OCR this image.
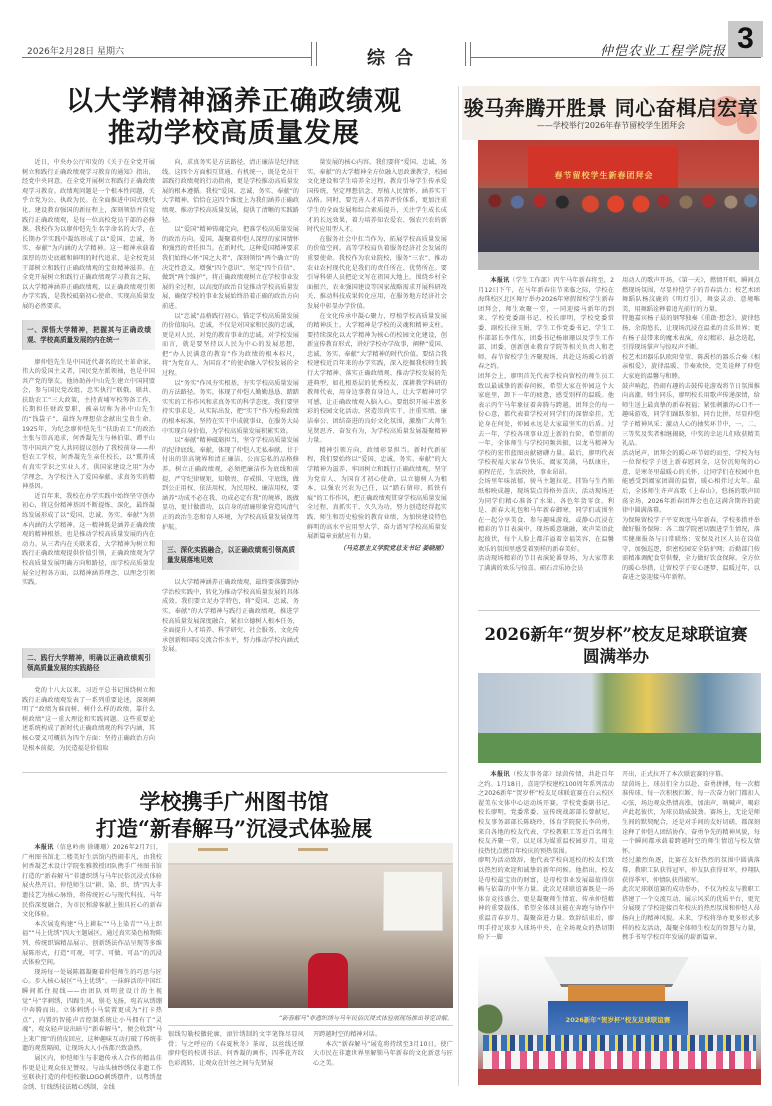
2026年2月28日 星期六	综合	仲恺农业工程学院报 3
以大学精神涵养正确政绩观
推动学校高质量发展

近日，中央办公厅印发的《关于在全党开展树立和践行正确政绩观学习教育的通知》指出，经党中央同意，在全党开展树立和践行正确政绩观学习教育。政绩观问题是一个根本性问题，关乎立党为公、执政为民。在全面推进中国式现代化、建设教育强国的新征程上，深刻领悟并自觉践行正确政绩观，是每一位高校党员干部的必修课。我校作为以廖仲恺先生名字命名的大学，在长期办学实践中凝练形成了以“爱国、忠诚、务实、奉献”为内涵的大学精神。这一精神承载着深厚的历史底蕴和鲜明的时代追求，是全校党员干部树立和践行正确政绩观的宝贵精神滋养。在全党开展树立和践行正确政绩观学习教育之际，以大学精神涵养正确政绩观，以正确政绩观引领办学实践，是我校砥砺初心使命、实现高质量发展的必然要求。

一、深悟大学精神，把握其与正确政绩观、学校高质量发展的内在统一

廖仲恺先生是中国近代著名的民主革命家，伟大的爱国主义者，国民党左派领袖，也是中国共产党的挚友。他协助孙中山先生建立中国同盟会，参与国民党改组，忠实执行“联俄、联共、扶助农工”三大政策，主持黄埔军校筹备工作，长期担任财政要职，被亲切称为孙中山先生的“钱袋子”，最终为理想信念献出宝贵生命。1925年，为纪念廖仲恺先生“扶助农工”的政治主张与崇高追求，何香凝先生与林伯渠、谭平山等中国共产党人共同提议创办了我校前身——仲恺农工学校，何香凝先生亲任校长，以“冀养成有真实学识之实业人才，供国家建设之用”为办学理念，为学校注入了爱国奉献、求真务实的精神基因。

近百年来，我校在办学实践中始终坚守创办初心，将这份精神基因不断提炼、深化，最终凝练发展形成了以“爱国、忠诚、务实、奉献”为基本内涵的大学精神。这一精神既是涵养正确政绩观的精神根基，也是推动学校高质量发展的内在动力。从三者内在关联来看，大学精神为树立和践行正确政绩观提供价值引领，正确政绩观为学校高质量发展明确方向和路径，而学校高质量发展全过程各方面，以精神涵养理念，以理念引领实践。

二、践行大学精神，明确以正确政绩观引领高质量发展的实践路径

党的十八大以来，习近平总书记围绕树立和践行正确政绩观发表了一系列重要论述，深刻阐明了“政绩为谁而树、树什么样的政绩、靠什么树政绩”这一重大理论和实践问题。这些重要论述系统构成了新时代正确政绩观的科学内涵，其核心要义可概括为四个方面：坚持正确政治方向是根本前提，为民造福是价值取

向，求真务实是方法路径，清正廉洁是纪律底线。这四个方面相互贯通、有机统一，既是党员干部践行政绩观的行动指南，更是学校推动高质量发展的根本遵循。我校“爱国、忠诚、务实、奉献”的大学精神，恰恰在这四个维度上为我们涵养正确政绩观、推动学校高质量发展，提供了清晰的实践路径。

以“爱国”精神铸魂定向，把准学校高质量发展的政治方向。爱国，凝聚着仲恺人深厚的家国情怀和强烈的责任担当。在新时代，这种爱国精神要求我们始终心怀“国之大者”，深刻领悟“两个确立”的决定性意义，增强“四个意识”、坚定“四个自信”、做到“两个维护”，将正确政绩观树立在学校事业发展的全过程，以高度的政治自觉推动学校高质量发展，确保学校的事业发展始终沿着正确的政治方向前进。

以“忠诚”品格践行初心，锚定学校高质量发展的价值取向。忠诚，不仅是对国家和民族的忠诚，更是对人民、对党的教育事业的忠诚。对学校发展而言，就是要坚持以人民为中心的发展思想，把“办人民满意的教育”作为政绩的根本标尺，将“为党育人、为国育才”的使命融入学校发展的全过程。

以“务实”作风夯实根基，夯实学校高质量发展的方法路径。务实，体现了仲恺人勤勤恳恳、踏踏实实的工作作风和求真务实的科学态度。我们要坚持实事求是、从实际出发，把“实干”作为检验政绩的根本标准，坚持在实干中成就事业，在服务大局中实现自身价值，为学校高质量发展积累实效。

以“奉献”精神砥砺担当，坚守学校高质量发展的纪律底线。奉献，体现了仲恺人无私奉献、甘于付出的崇高境界和清正廉洁、公而忘私的品格修养。树立正确政绩观，必须把廉洁作为底线和前提，严守纪律规矩，知敬畏、存戒惧、守底线，做到公正用权、依法用权、为民用权、廉洁用权，要涵养“功成不必在我、功成必定有我”的境界，既做显功，更甘做潜功，以自身的清廉形象营造风清气正的政治生态和育人环境，为学校高质量发展保驾护航。

三、深化实践融合，以正确政绩观引领高质量发展落地见效

以大学精神涵养正确政绩观，最终要落脚到办学治校实践中，转化为推动学校高质量发展的具体成效。我们要立足办学特色，将“爱国、忠诚、务实、奉献”的大学精神与践行正确政绩观、推进学校高质量发展深度融合，紧扣立德树人根本任务，全面提升人才培养、科学研究、社会服务、文化传承创新和国际交流合作水平，努力推动学校内涵式发展。

量发展的核心内容。我们要将“爱国、忠诚、务实、奉献”的大学精神全方位融入思政课教学、校园文化建设和学生培养全过程，教育引导学生传承爱国传统、坚定理想信念、厚植人民情怀、涵养实干品格。同时，要完善人才培养评价体系，更加注重学生的全面发展和综合素质提升，关注学生成长成才的长远效果，着力培养知农爱农、强农兴农的新时代应用型人才。

在服务社会中扛当作为，拓展学校高质量发展的价值空间。高等学校肩负着服务经济社会发展的重要使命。我校作为农业院校，服务“三农”、推动农业农村现代化是我们的责任所在、优势所在。要引导科研人员把论文写在祖国大地上，围绕乡村全面振兴、农业强国建设等国家战略需求开展科研攻关，推动科技成果转化应用，在服务地方经济社会发展中彰显办学价值。

在文化传承中凝心聚力，厚植学校高质量发展的精神沃土。大学精神是学校的灵魂和精神支柱。要持续深化以大学精神为核心的校园文化建设，创新宣传教育形式，讲好学校办学故事，阐释“爱国、忠诚、务实、奉献”大学精神的时代价值。要结合我校建校近百年来的办学实践，深入挖掘我校师生践行大学精神、落实正确政绩观、推动学校发展的先进典型，如扎根基层的优秀校友、深耕教学科研的教师代表，用身边事教育身边人，让大学精神可学可感，让正确政绩观入脑入心。要组织开展丰富多彩的校园文化活动，营造崇尚实干、注重实绩、廉洁奉公、团结奋进的良好文化氛围，激励广大师生见贤思齐、奋发有为，为学校高质量发展凝聚精神力量。

精神引领方向，政绩彰显担当。新时代新征程，我们要始终以“爱国、忠诚、务实、奉献”的大学精神为滋养，牢固树立和践行正确政绩观，坚守为党育人、为国育才初心使命，以立德树人为根本，以强农兴农为己任，以“踏石留印、抓铁有痕”的工作作风，把正确政绩观贯穿学校高质量发展全过程，真抓实干、久久为功，努力创造经得起实践、师生和历史检验的教育业绩，为加快建设特色鲜明的高水平应用型大学、奋力谱写学校高质量发展新篇章贡献应有力量。

（马克思主义学院党总支书记 姜晓丽）
学校携手广州图书馆
打造“新春解马”沉浸式体验展

本报讯（信息岭南 徐珊珊）2026年2月7日，广州图书馆北二楼美好生活馆内热闹非凡，由我校何香凝艺术设计学院张雅教授团队携手广州图书馆打造的“新春解马”非遗织绣与马年民俗沉浸式体验展火热开启。仲恺师生以“耕、染、织、绣”四大非遗技艺为核心脉络，将传统匠心与现代科技、马年民俗深度融合，为市民和游客献上独具匠心的新春文化体验。

本次展览构建“马上耕耘”“马上染青”“马上织福”“马上优绣”四大主题展区，通过真实染色植物陈列、传统织锦精品展示、创新绣法作品呈现等多维展陈形式，打造“可观、可学、可做、可品”的沉浸式体验空间。

现场每一处展陈都凝聚着仲恺师生的巧思与匠心。步入核心展区“马上优绣”，一抹鲜活的中国红瞬间抓住视线——由团队刘明萱设计的主视觉“马”字刺绣，四蹄生风、鬃毛飞扬，宛若从绣绷中奔腾而出。立体刺绣小马装置更成为“打卡热点”，内置的智能声音控制系统让小马拥有了“灵魂”，观众轻声说出暗号“新春解马”，便会收到“马上来广图”的俏皮回应，这种趣味互动打破了传统非遗的观赏隔阂，让现场大人小孩都兴致盎然。

展区内，仲恺师生与非遗传承人合作的精品佳作更是让观众驻足赞叹。与汕头抽纱绣仪非遗工作室联袂打造的仲恺校徽LOGO刺绣摆件，以粤绣盘金绣、钉线绣技法精心绣制，金线

“新春解马”非遗织绣与马年民俗沉浸式体验展现场推出导览讲解。

银线勾勒校徽轮廓，滚针绣制的文字笔锋尽显风骨；与之呼应的《春夏秋冬》茶席，以丝线还原廖仲恺的校训书法、何香凝的画作，四季花卉纹色彩流转，让观众在针丝之间与先贤展

开跨越时空的精神对话。

本次“新春解马”展览将持续至3月10日，使广大市民在非遗世界里解锁马年新春的文化新意与匠心之美。

骏马奔腾开胜景 同心奋楫启宏章
——学校举行2026年春节留校学生团拜会
春节留校学生新春团拜会

本报讯（学生工作部）丙午马年新春将至，2月12日下午，在马年新春佳节来临之际，学校在海珠校区北区舞厅举办2026年寒假留校学生新春团拜会，师生欢聚一堂，一同迎接马新年的到来。学校党委副书记、校长廖明，学校党委常委、副校长徐玉娟，学生工作党委书记、学生工作部部长李伟东，团委书记杨康珊以及学生工作部、团委、创新创业教育学院等相关负责人和老师、春节留校学生齐聚现场，共赴这场暖心的新春之约。
团拜会上，廖明首先代表学校向留校的师生员工致以最诚挚的新春问候，希望大家在仲园这个大家庭里，卸下一年的疲惫，感受别样的温暖。他表示丙午马年象征着奔腾与跨越，团拜会的每一份心意，都代表着学校对同学们的深情牵挂，无论身在何处，仲园永远是大家最坚实的后盾。过去一年，学校各项事业迈上新的台阶，希望新的一年，全体师生与学校同频共振，以龙马精神为学校的宏伟蓝图贡献磅礴力量。最后，廖明代表学校祝福大家春节快乐，阖家美满，马跃康庄，前程茫茫，生活泱泱，事业昂昂。
会场里年味浓郁，骏马主题拉花、挂饰与生肖贴纸相映成趣，现场装点得格外喜庆，活动现场还为同学们精心准备了水果、各色年货零食、利是、新春大礼包和马年新春御寒，同学们或围坐在一起分享美食、参与趣味游戏，或静心沉浸在精彩的节目表演中，现场暖意融融，欢声笑语此起彼伏，每个人脸上都洋溢着幸福笑容，在温馨欢乐的氛围里感受着别样的新春美好。
活动现场精彩的节目表演轮番登场，为大家带来了满满的欢乐与惊喜。硕石音乐协会员

用动人的歌声开场，《第一天》，燃情开唱，瞬间点燃现场氛围，尽显仲恺学子的青春活力；校艺术团舞蹈队杨汶鹿的《明灯引》，舞姿灵动、意境唯美，用舞蹈诠释着追光前行的力量。
特邀嘉宾杨子晨的钢琴独奏《重啟·想念》，旋律悠扬、余韵悠长，让现场沉浸在温柔的音乐世界；更有杨子晨带来的魔术表演，奇幻精彩、悬念迭起，引得现场掌声与惊叹声不断。
校艺术团器乐队欧阳莹莹、陈禹杉的器乐合奏《相亲相爱》，旋律温暖、节奏欢快，完美诠释了仲恺大家庭的温馨与和睦。
鼓声响起，热闹有趣的击鼓传花游戏将节日氛围推向高潮，师生同乐，廖明校长用歌声传递深情，给师生送上最真挚的新春祝福；紧张刺激的心口不一趣味游戏，同学们踊跃参加，同台比拼，尽显仲恺学子精神风采；激动人心的抽奖环节中，一、二、三等奖及奖者相继揭晓，中奖的幸运儿们收获精美礼品。
活动尾声，团拜会的暖心环节如约而至，学校为每一位留校学子送上新春慰问金，这份沉甸甸的心意，是寒冬里最暖心的关怀，让同学们在校园中也能感受到阖家团圆的温情，暖心相伴过大年。最后，全体师生齐声高歌《上春山》，悠扬的歌声回荡全场，2026年新春团拜会也在这满含期许的旋律中圆满落幕。
为保障留校学子平安欢度马年新春，学校多措并举做好服务保障：各二级学院密切跟进学生情况，落实健康报备与日常联络；安保及社区人员在岗值守，加强巡逻，织密校园安全防护网；后勤部门按需精准调配食堂供餐，全力做好饮食保障。全方位的暖心举措，让留校学子安心逐梦，温暖过年，以奋进之姿迎接马年新程。

2026新年“贺岁杯”校友足球联谊赛
圆满举办

本报讯（校友事务部）绿茵传情，共赴百年之约。1月18日，喜迎学校建校100周年系列活动之2026新年“贺岁杯”校友足球联谊赛在白云校区翟美东文体中心运动场开赛。学校党委副书记、校长廖明，党委常委、宣传统战部部长曾献尼，校友事务部部长陈晓玲，体育学院院长李尚勇，来自各地的校友代表、学校教职工等近百名师生校友齐聚一堂，以足球为媒重温校园岁月，用竞技热忱点燃百年校庆的预热氛围。
廖明为活动致辞，他代表学校向返校的校友们致以热烈的欢迎和诚挚的新年问候。他指出，校友是母校最宝贵的财富，是母校事业发展最值得信赖与依靠的中坚力量。此次足球联谊赛既是一场体育竞技盛会，更是凝聚师生情谊、传承仲恺精神的重要载体，希望全体球员能在奔跑与协作中重温青春岁月，凝聚奋进力量。致辞结束后，廖明手持足球步入球场中央，在全场观众的热切期盼下一脚

开出，正式拉开了本次联谊赛的序幕。
绿茵场上，球员们全力以赴、奋勇拼搏，每一次精准传球、每一次积极拦断、每一次奋力射门都扣人心弦，场边观众热情高涨，加油声、呐喊声、喝彩声此起彼伏，为球员助威鼓劲。赛场上，无论是师生间的默契配合，还是对手间的友好切磋，都深刻诠释了仲恺人团结协作、奋勇争先的精神风貌，每一个瞬间都承载着跨越时空的师生情谊与校友情怀。
经过激烈角逐，比赛在友好热烈的氛围中圆满落幕，教职工队获得冠军，仲友队获得亚军，仲翔队获得季军，仲情队获得殿军。
此次足球联谊赛的成功举办，不仅为校友与教职工搭建了一个交流互动、展示风采的优质平台，更充分展现了学校迎接百年校庆的热烈氛围和仲恺人昂扬向上的精神风貌。未来，学校将举办更多形式多样的校友活动，凝聚全体师生校友的智慧与力量，携手书写学校百年发展的崭新篇章。

2026新年“贺岁杯”校友足球联谊赛
